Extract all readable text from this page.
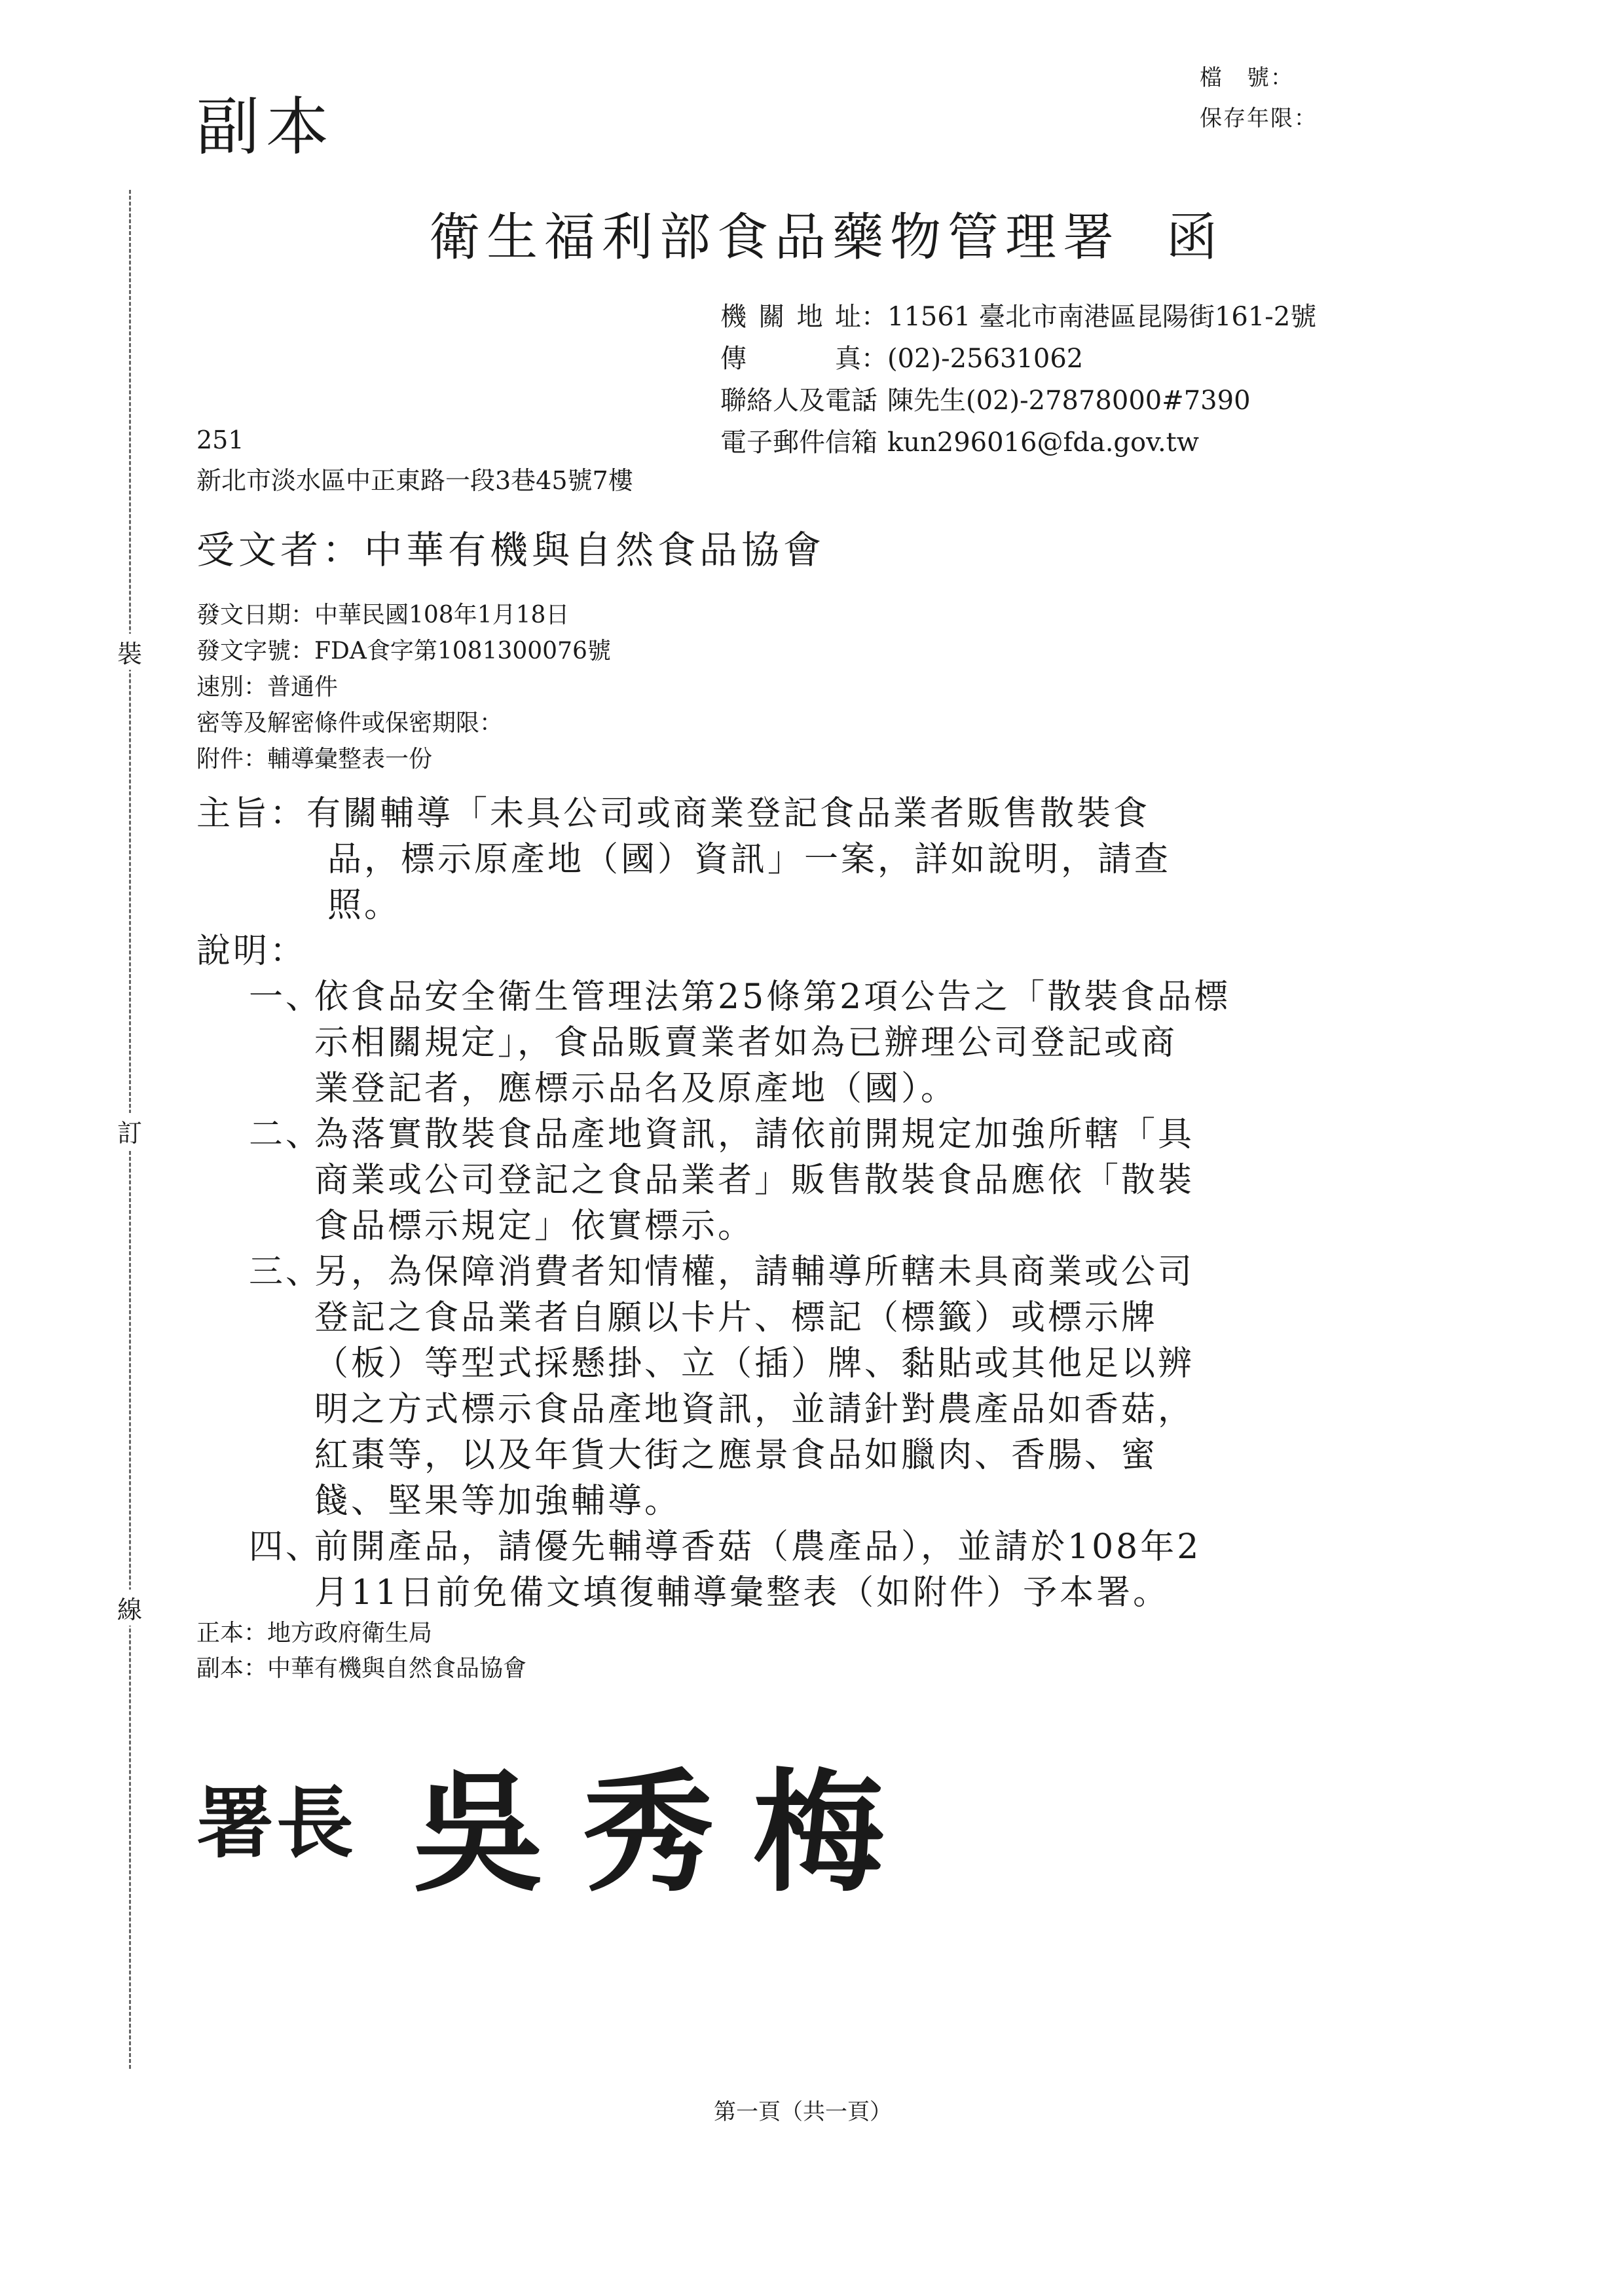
裝
訂
線
副本
檔　號：
保存年限：
衛生福利部食品藥物管理署 函
機關地址：11561 臺北市南港區昆陽街161-2號
傳真：(02)-25631062
聯絡人及電話：陳先生(02)-27878000#7390
電子郵件信箱：kun296016@fda.gov.tw
251
新北市淡水區中正東路一段3巷45號7樓
受文者：中華有機與自然食品協會
發文日期：中華民國108年1月18日
發文字號：FDA食字第1081300076號
速別：普通件
密等及解密條件或保密期限：
附件：輔導彙整表一份
主旨：有關輔導「未具公司或商業登記食品業者販售散裝食
品，標示原產地（國）資訊」一案，詳如說明，請查
照。
說明：
一、
依食品安全衛生管理法第25條第2項公告之「散裝食品標
示相關規定」，食品販賣業者如為已辦理公司登記或商
業登記者，應標示品名及原產地（國）。
二、
為落實散裝食品產地資訊，請依前開規定加強所轄「具
商業或公司登記之食品業者」販售散裝食品應依「散裝
食品標示規定」依實標示。
三、
另，為保障消費者知情權，請輔導所轄未具商業或公司
登記之食品業者自願以卡片、標記（標籤）或標示牌
（板）等型式採懸掛、立（插）牌、黏貼或其他足以辨
明之方式標示食品產地資訊，並請針對農產品如香菇，
紅棗等，以及年貨大街之應景食品如臘肉、香腸、蜜
餞、堅果等加強輔導。
四、
前開產品，請優先輔導香菇（農產品），並請於108年2
月11日前免備文填復輔導彙整表（如附件）予本署。
正本：地方政府衛生局
副本：中華有機與自然食品協會
署長 吳秀梅
第一頁（共一頁）
